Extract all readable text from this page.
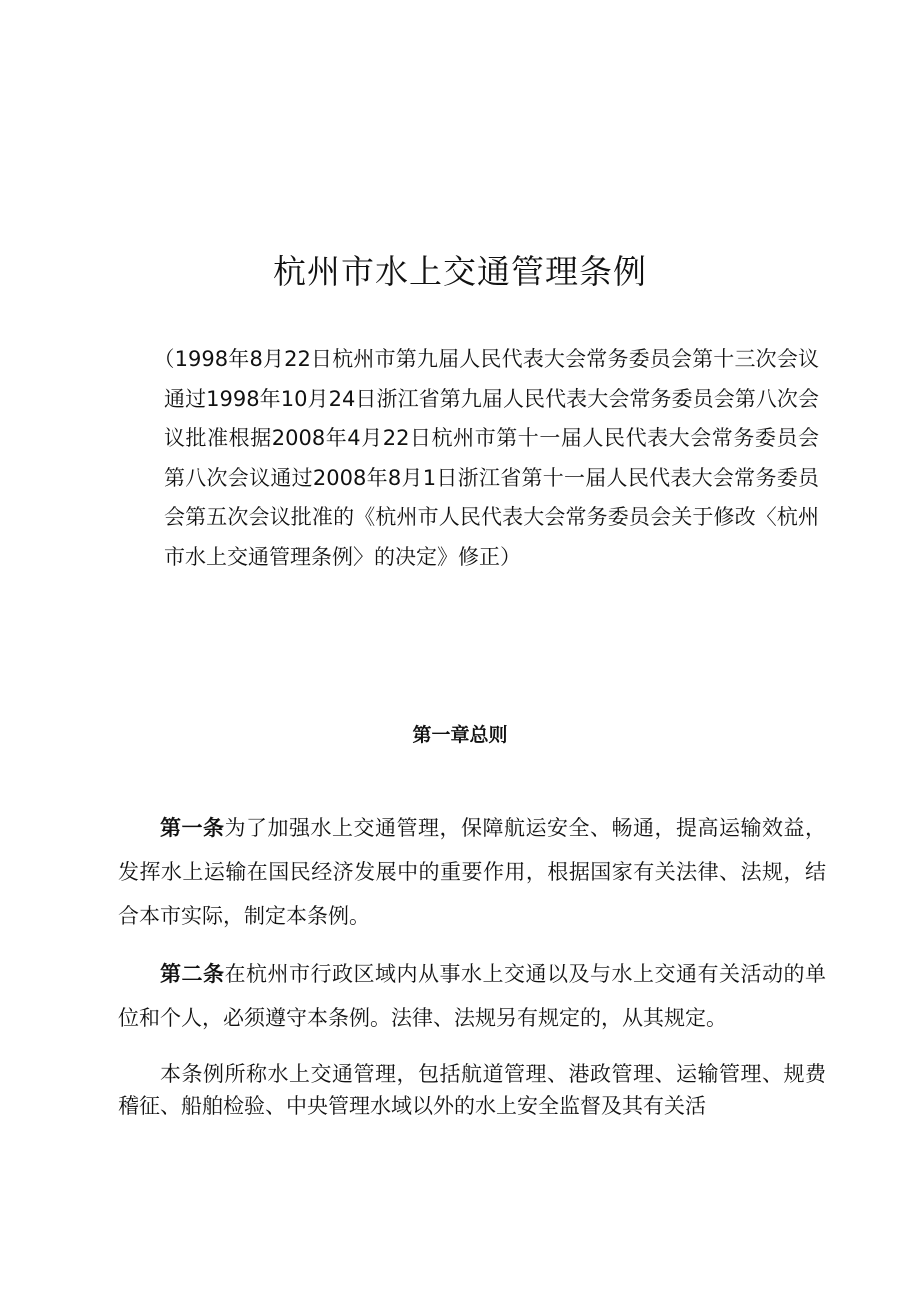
杭州市水上交通管理条例
（1998年8月22日杭州市第九届人民代表大会常务委员会第十三次会议通过1998年10月24日浙江省第九届人民代表大会常务委员会第八次会议批准根据2008年4月22日杭州市第十一届人民代表大会常务委员会第八次会议通过2008年8月1日浙江省第十一届人民代表大会常务委员会第五次会议批准的《杭州市人民代表大会常务委员会关于修改〈杭州市水上交通管理条例〉的决定》修正）
第一章总则

第一条为了加强水上交通管理，保障航运安全、畅通，提高运输效益，发挥水上运输在国民经济发展中的重要作用，根据国家有关法律、法规，结合本市实际，制定本条例。

第二条在杭州市行政区域内从事水上交通以及与水上交通有关活动的单位和个人，必须遵守本条例。法律、法规另有规定的，从其规定。

本条例所称水上交通管理，包括航道管理、港政管理、运输管理、规费稽征、船舶检验、中央管理水域以外的水上安全监督及其有关活
